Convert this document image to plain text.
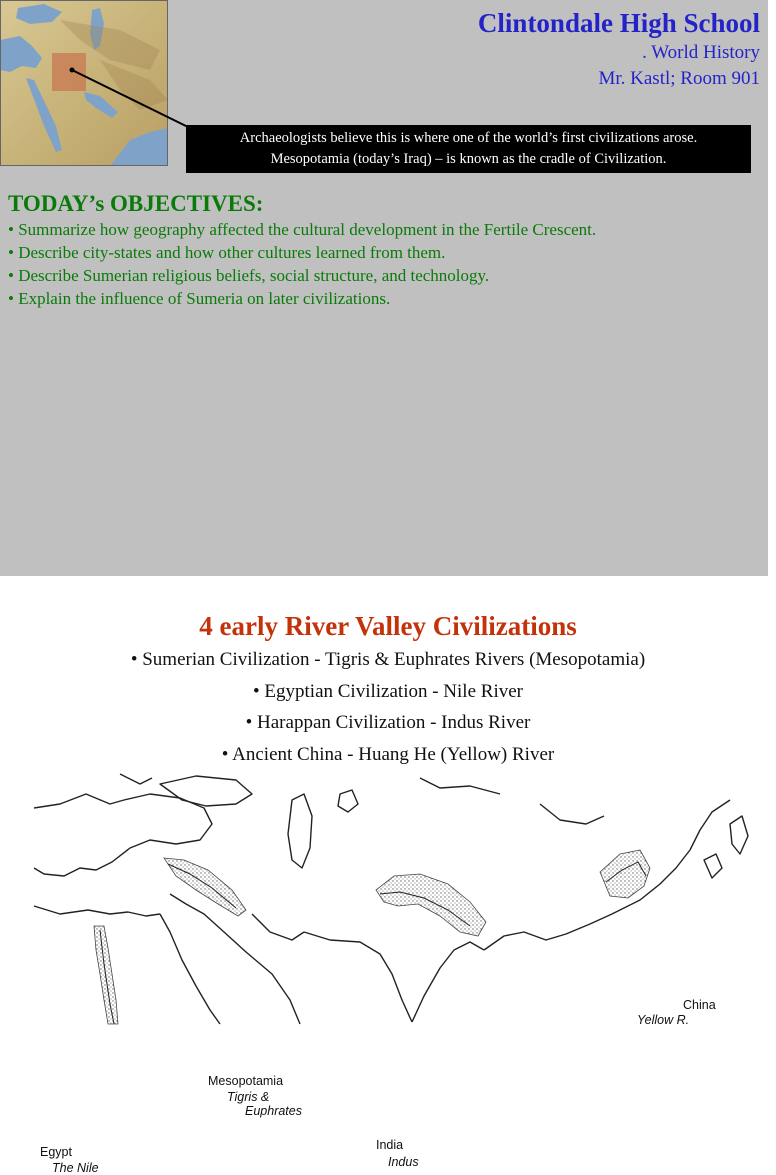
Clintondale High School
. World History
Mr. Kastl; Room 901
Archaeologists believe this is where one of the world’s first civilizations arose.
Mesopotamia (today’s Iraq) – is known as the cradle of Civilization.
TODAY’s OBJECTIVES:
• Summarize how geography affected the cultural development in the Fertile Crescent.
• Describe city-states and how other cultures learned from them.
• Describe Sumerian religious beliefs, social structure, and technology.
• Explain the influence of Sumeria on later civilizations.
4 early River Valley Civilizations
• Sumerian Civilization - Tigris & Euphrates Rivers (Mesopotamia)
• Egyptian Civilization - Nile River
• Harappan Civilization - Indus River
• Ancient China - Huang He (Yellow) River
China
Yellow R.
Mesopotamia
Tigris &
Euphrates
Egypt
The Nile
India
Indus
